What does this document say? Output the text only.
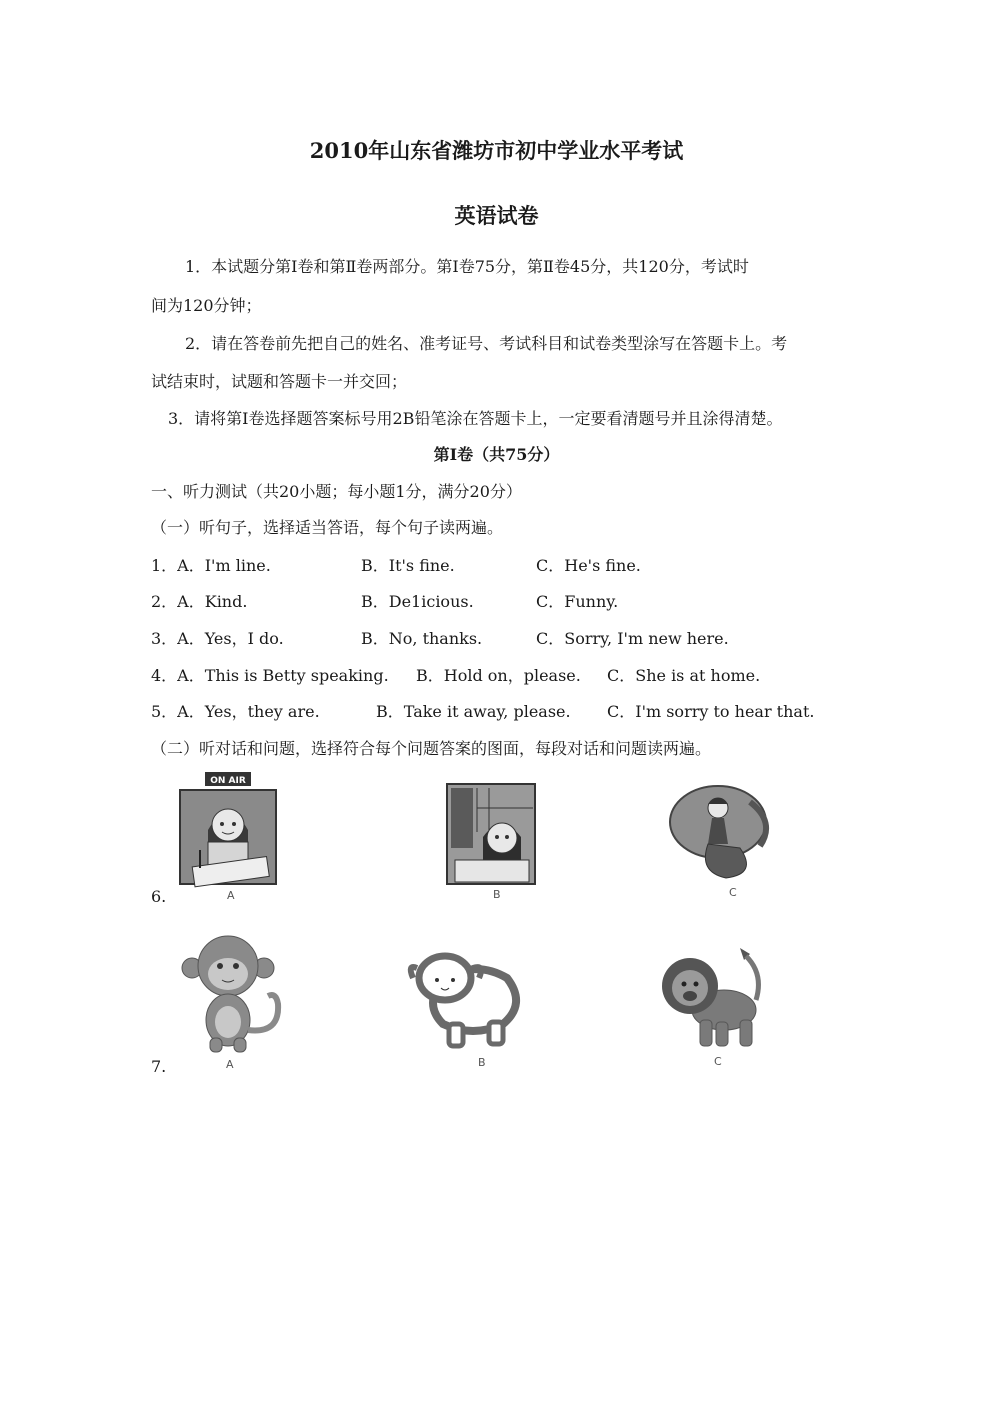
2010年山东省潍坊市初中学业水平考试
英语试卷
1．本试题分第Ⅰ卷和第Ⅱ卷两部分。第Ⅰ卷75分，第Ⅱ卷45分，共120分，考试时
间为120分钟；
2．请在答卷前先把自己的姓名、准考证号、考试科目和试卷类型涂写在答题卡上。考
试结束时，试题和答题卡一并交回；
3．请将第Ⅰ卷选择题答案标号用2B铅笔涂在答题卡上，一定要看清题号并且涂得清楚。
第Ⅰ卷（共75分）
一、听力测试（共20小题；每小题1分，满分20分）
（一）听句子，选择适当答语，每个句子读两遍。
1．A．I'm line.	B．It's fine.	C．He's fine.
2．A．Kind.	B．De1icious.	C．Funny.
3．A．Yes，I do.	B．No, thanks.	C．Sorry, I'm new here.
4．A．This is Betty speaking. B．Hold on，please. C．She is at home.
5．A．Yes，they are.	B．Take it away, please. C．I'm sorry to hear that.
（二）听对话和问题，选择符合每个问题答案的图面，每段对话和问题读两遍。
6.
ON AIR
A	B	C
7.	A	B	C
